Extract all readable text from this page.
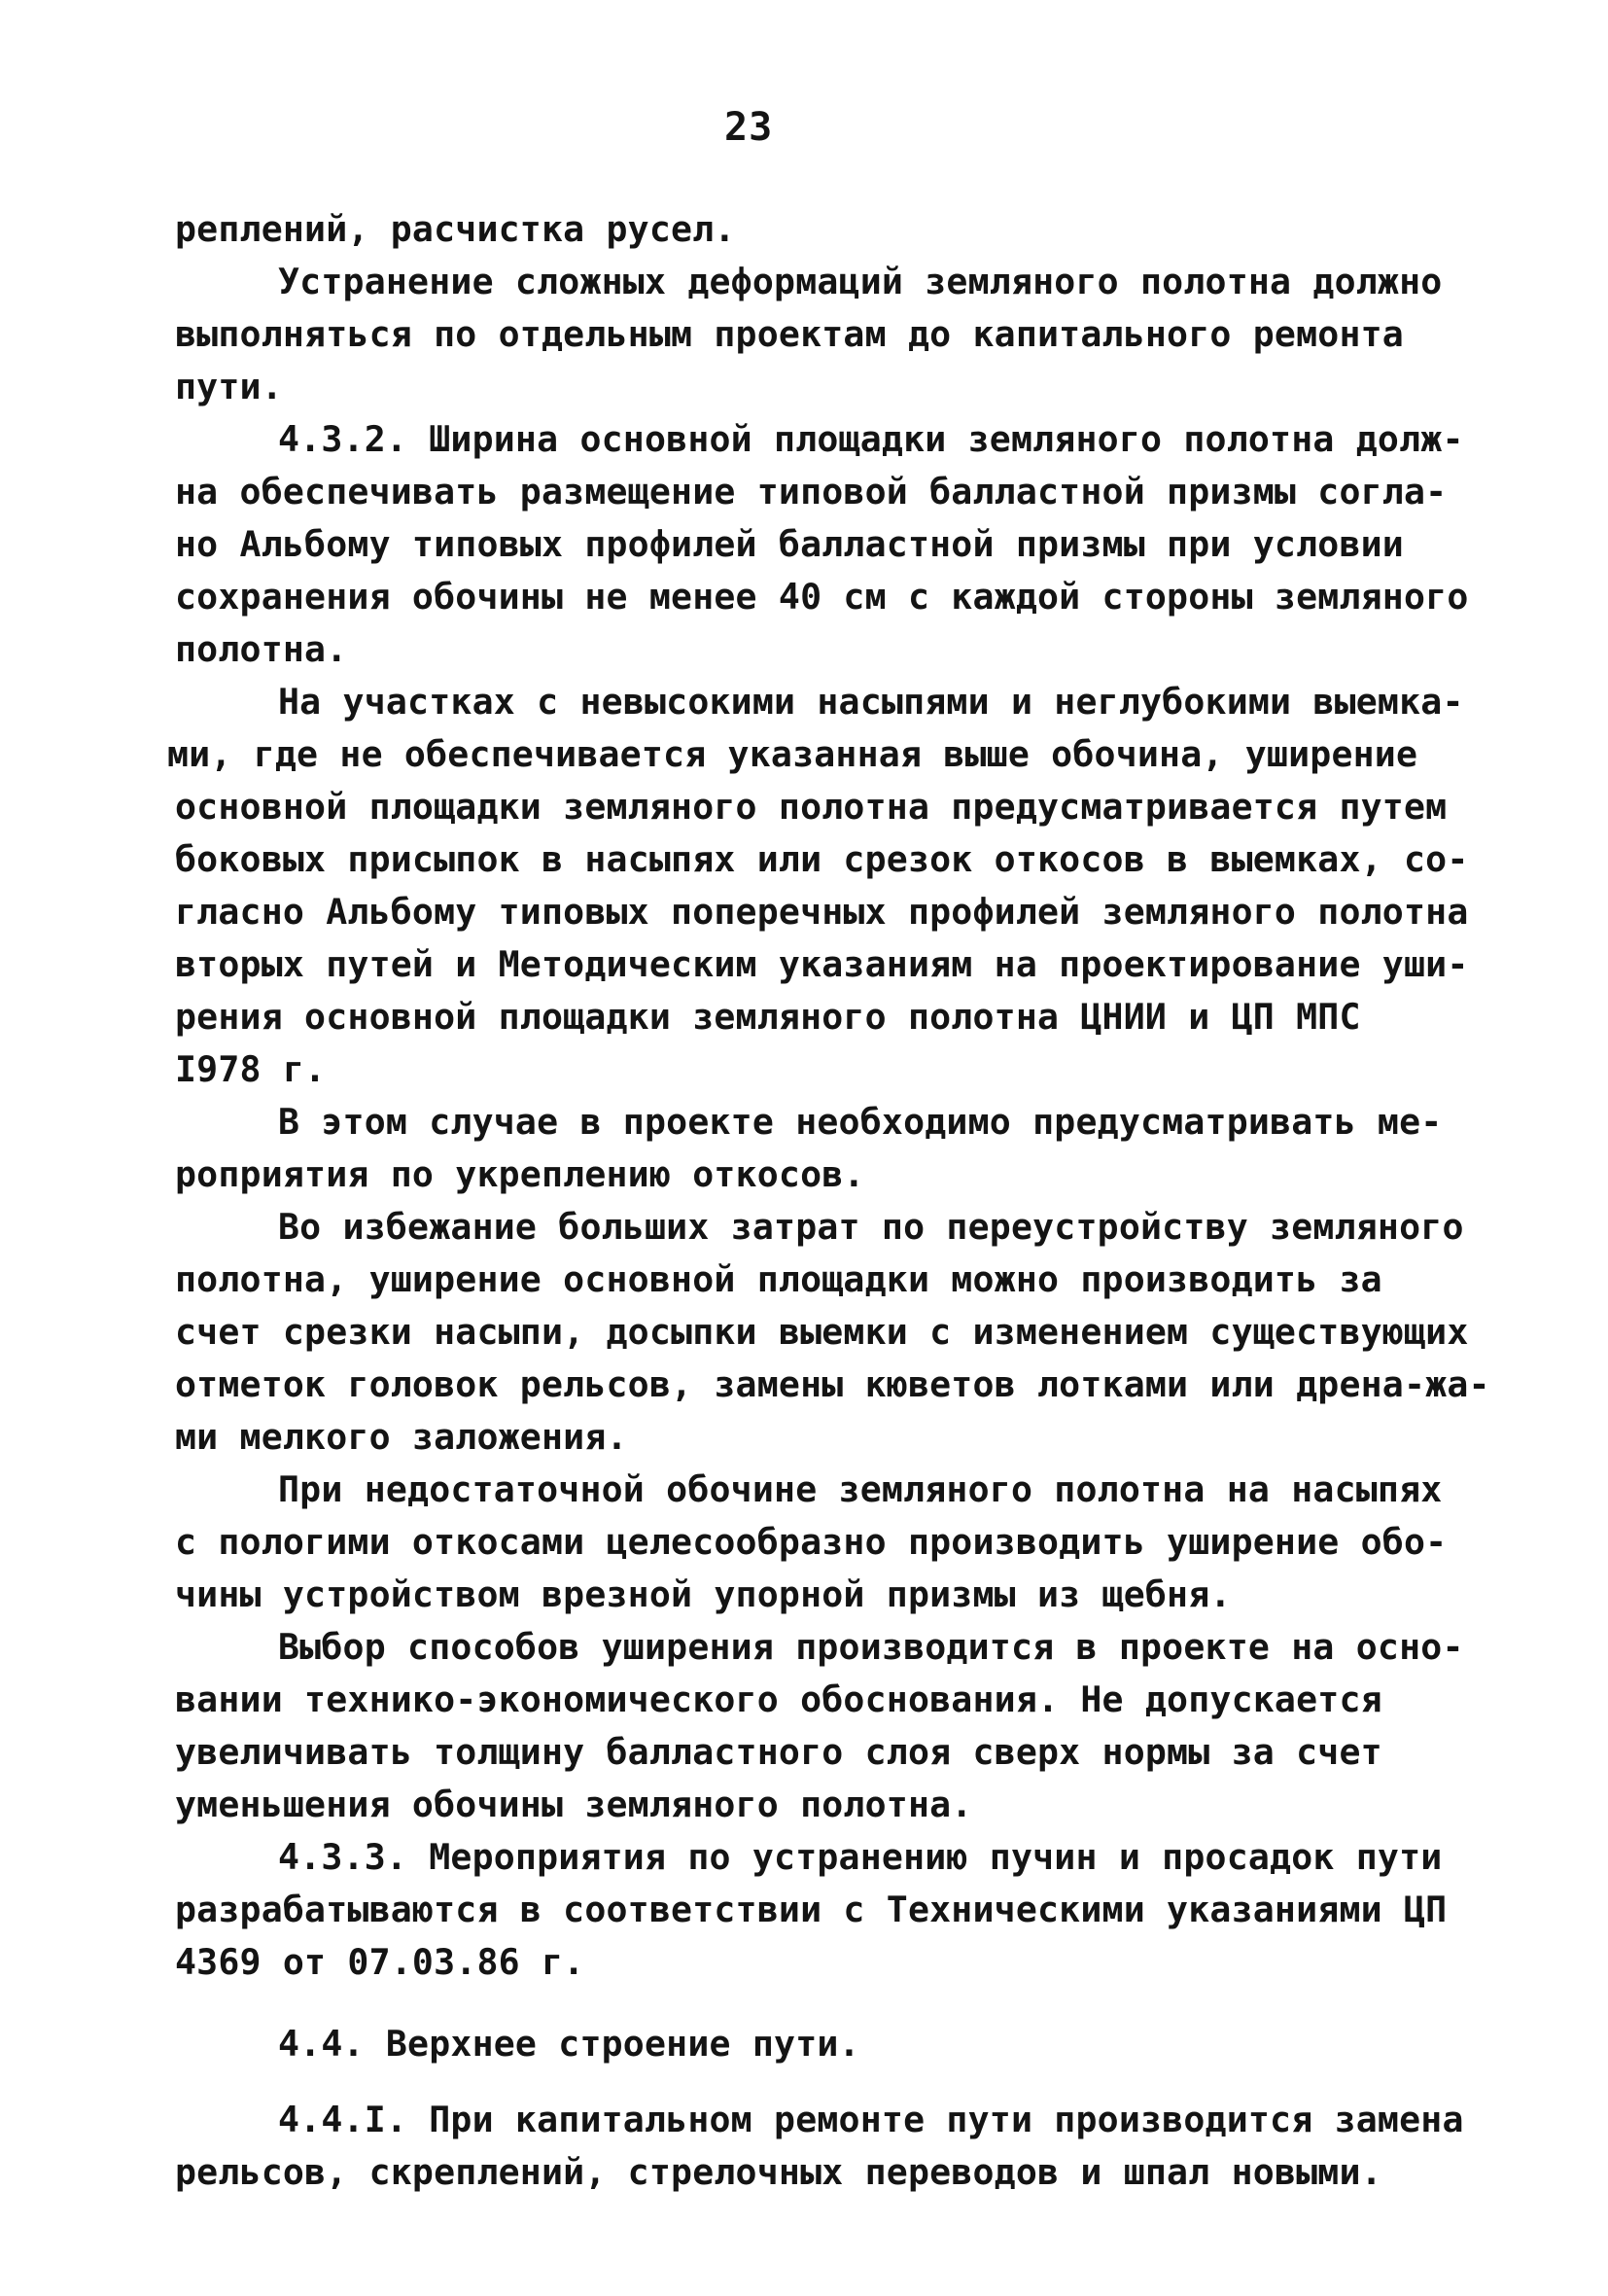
23
реплений, расчистка русел.
Устранение сложных деформаций земляного полотна должно
выполняться по отдельным проектам до капитального ремонта
пути.
4.3.2. Ширина основной площадки земляного полотна долж-
на обеспечивать размещение типовой балластной призмы согла-
но Альбому типовых профилей балластной призмы при условии
сохранения обочины не менее 40 см с каждой стороны земляного
полотна.
На участках с невысокими насыпями и неглубокими выемка-
ми, где не обеспечивается указанная выше обочина, уширение
основной площадки земляного полотна предусматривается путем
боковых присыпок в насыпях или срезок откосов в выемках, со-
гласно Альбому типовых поперечных профилей земляного полотна
вторых путей и Методическим указаниям на проектирование уши-
рения основной площадки земляного полотна ЦНИИ и ЦП МПС
I978 г.
В этом случае в проекте необходимо предусматривать ме-
роприятия по укреплению откосов.
Во избежание больших затрат по переустройству земляного
полотна, уширение основной площадки можно производить за
счет срезки насыпи, досыпки выемки с изменением существующих
отметок головок рельсов, замены кюветов лотками или дрена-жа-
ми мелкого заложения.
При недостаточной обочине земляного полотна на насыпях
с пологими откосами целесообразно производить уширение обо-
чины устройством врезной упорной призмы из щебня.
Выбор способов уширения производится в проекте на осно-
вании технико-экономического обоснования. Не допускается
увеличивать толщину балластного слоя сверх нормы за счет
уменьшения обочины земляного полотна.
4.3.3. Мероприятия по устранению пучин и просадок пути
разрабатываются в соответствии с Техническими указаниями ЦП
4369 от 07.03.86 г.
4.4. Верхнее строение пути.
4.4.I. При капитальном ремонте пути производится замена
рельсов, скреплений, стрелочных переводов и шпал новыми.
